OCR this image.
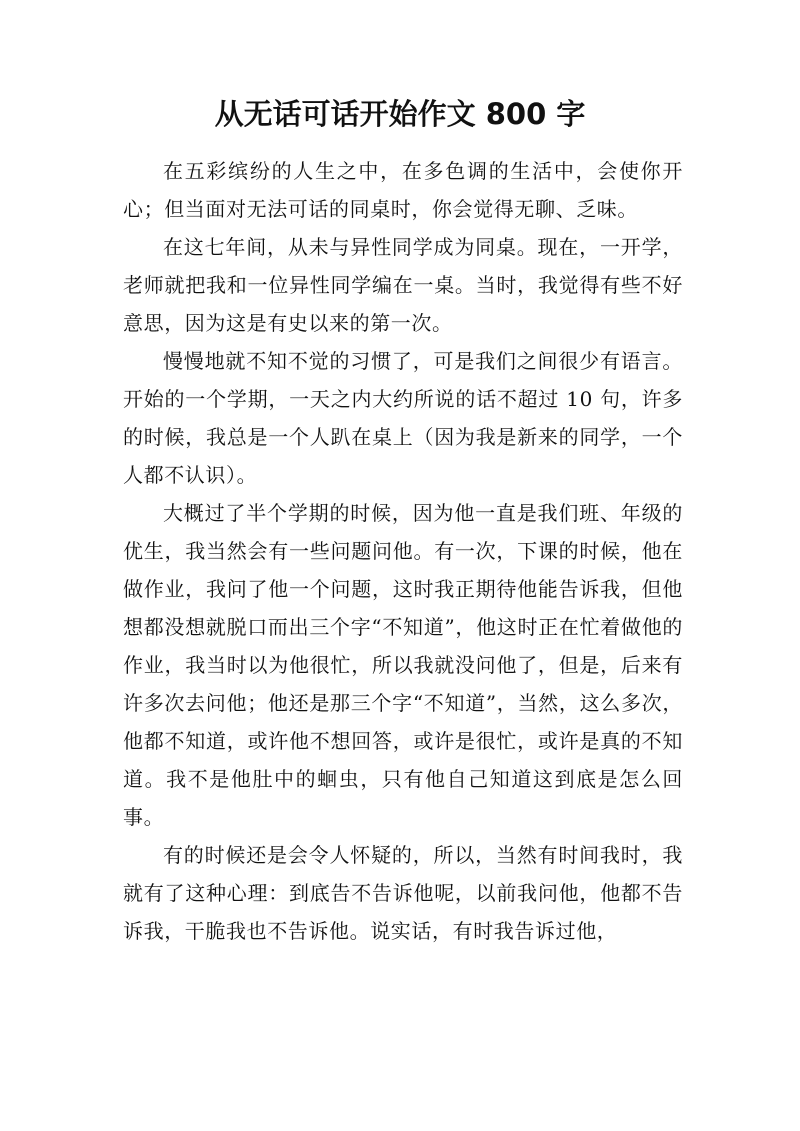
从无话可话开始作文 800 字

在五彩缤纷的人生之中，在多色调的生活中，会使你开心；但当面对无法可话的同桌时，你会觉得无聊、乏味。

在这七年间，从未与异性同学成为同桌。现在，一开学，老师就把我和一位异性同学编在一桌。当时，我觉得有些不好意思，因为这是有史以来的第一次。

慢慢地就不知不觉的习惯了，可是我们之间很少有语言。开始的一个学期，一天之内大约所说的话不超过 10 句，许多的时候，我总是一个人趴在桌上（因为我是新来的同学，一个人都不认识）。

大概过了半个学期的时候，因为他一直是我们班、年级的优生，我当然会有一些问题问他。有一次，下课的时候，他在做作业，我问了他一个问题，这时我正期待他能告诉我，但他想都没想就脱口而出三个字“不知道”，他这时正在忙着做他的作业，我当时以为他很忙，所以我就没问他了，但是，后来有许多次去问他；他还是那三个字“不知道”，当然，这么多次，他都不知道，或许他不想回答，或许是很忙，或许是真的不知道。我不是他肚中的蛔虫，只有他自己知道这到底是怎么回事。

有的时候还是会令人怀疑的，所以，当然有时间我时，我就有了这种心理：到底告不告诉他呢，以前我问他，他都不告诉我，干脆我也不告诉他。说实话，有时我告诉过他，
